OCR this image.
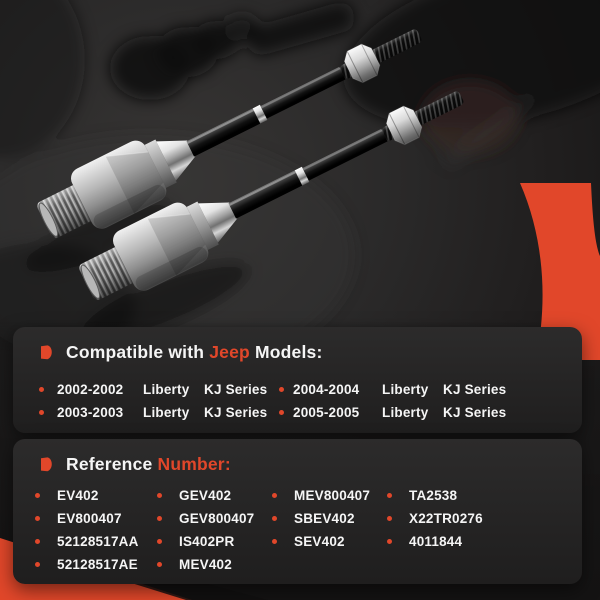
Compatible with Jeep Models:
2002-2002	Liberty	KJ Series	2004-2004	Liberty	KJ Series
2003-2003	Liberty	KJ Series	2005-2005	Liberty	KJ Series
Reference Number:
EV402
EV800407
52128517AA
52128517AE
GEV402
GEV800407
IS402PR
MEV402
MEV800407
SBEV402
SEV402
TA2538
X22TR0276
4011844
